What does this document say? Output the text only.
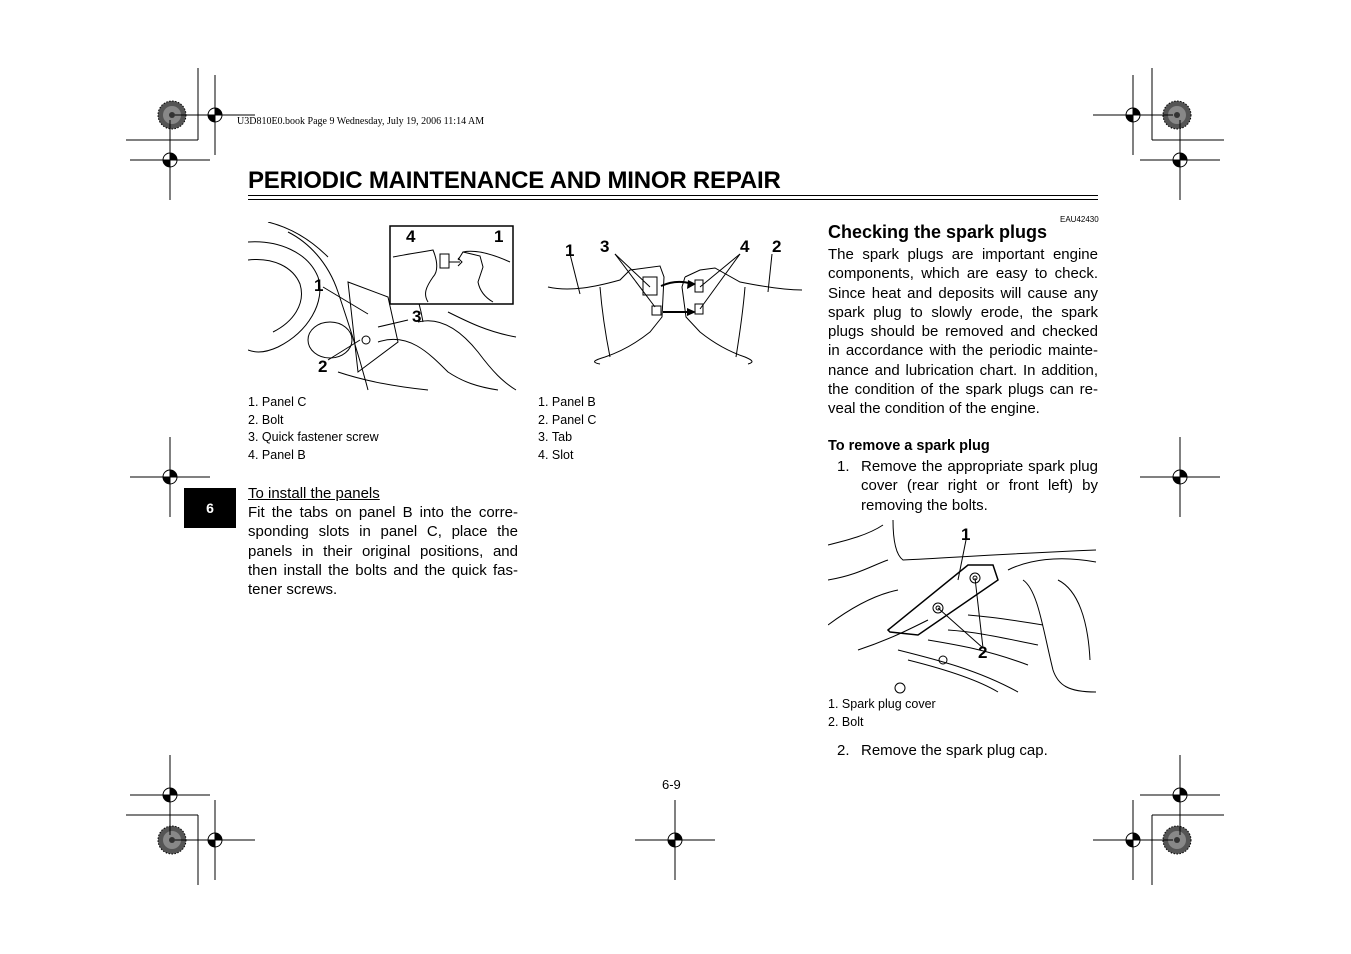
U3D810E0.book Page 9 Wednesday, July 19, 2006 11:14 AM
PERIODIC MAINTENANCE AND MINOR REPAIR
EAU42430
6
4	1
1
3
2
1. Panel C
2. Bolt
3. Quick fastener screw
4. Panel B
To install the panels
Fit the tabs on panel B into the corre-sponding slots in panel C, place the panels in their original positions, and then install the bolts and the quick fas-tener screws.
1 3	4 2
1. Panel B
2. Panel C
3. Tab
4. Slot
Checking the spark plugs
The spark plugs are important engine components, which are easy to check. Since heat and deposits will cause any spark plug to slowly erode, the spark plugs should be removed and checked in accordance with the periodic mainte-nance and lubrication chart. In addition, the condition of the spark plugs can re-veal the condition of the engine.
To remove a spark plug
1. Remove the appropriate spark plug cover (rear right or front left) by removing the bolts.
1
2
1. Spark plug cover
2. Bolt
2. Remove the spark plug cap.
6-9
